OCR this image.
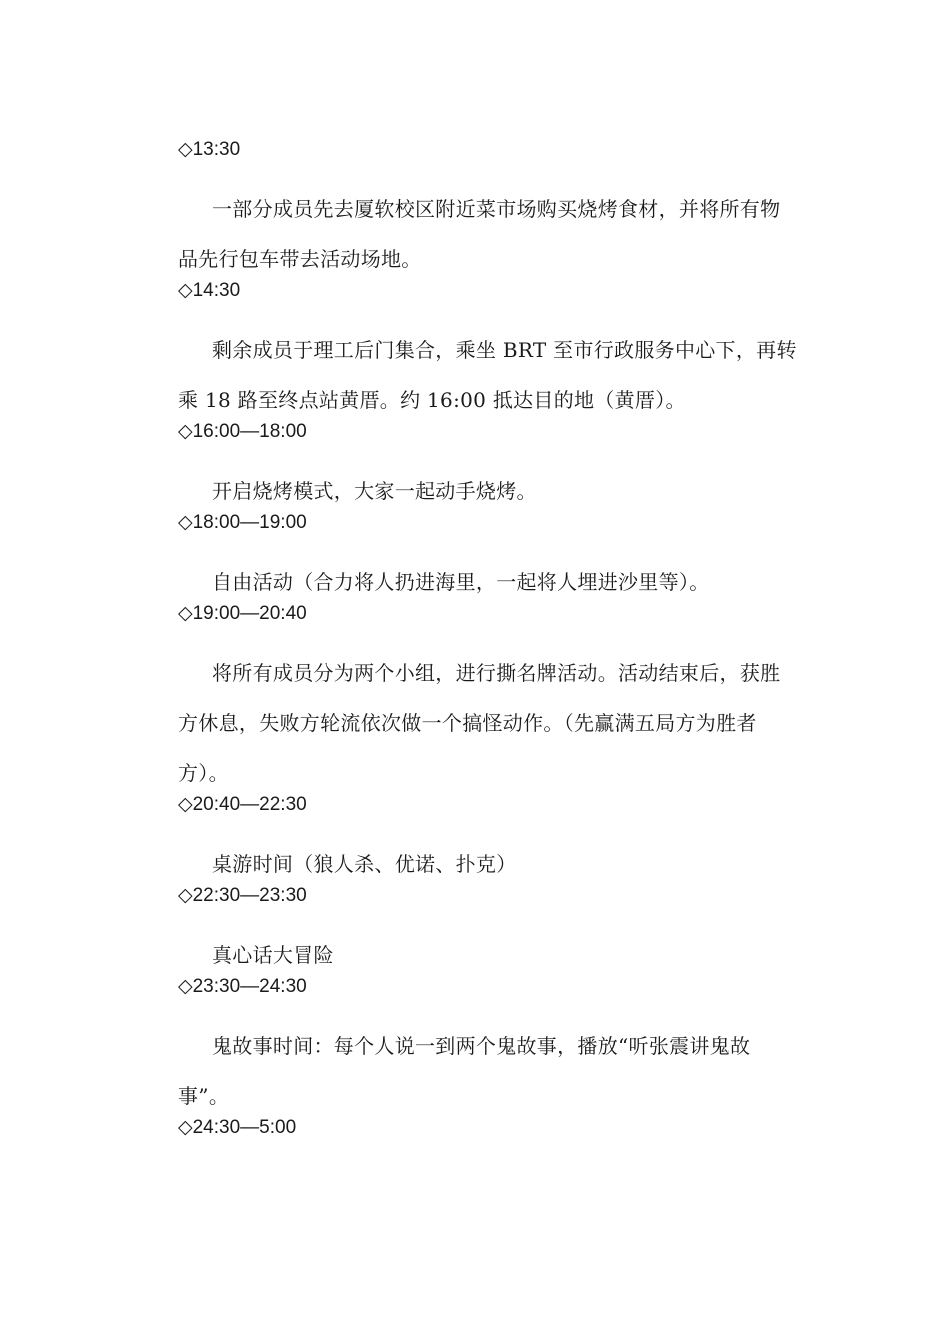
◇13:30

一部分成员先去厦软校区附近菜市场购买烧烤食材，并将所有物品先行包车带去活动场地。

◇14:30

剩余成员于理工后门集合，乘坐 BRT 至市行政服务中心下，再转乘 18 路至终点站黄厝。约 16:00 抵达目的地（黄厝）。

◇16:00—18:00

开启烧烤模式，大家一起动手烧烤。

◇18:00—19:00

自由活动（合力将人扔进海里，一起将人埋进沙里等）。

◇19:00—20:40

将所有成员分为两个小组，进行撕名牌活动。活动结束后，获胜方休息，失败方轮流依次做一个搞怪动作。（先赢满五局方为胜者方）。

◇20:40—22:30

桌游时间（狼人杀、优诺、扑克）

◇22:30—23:30

真心话大冒险

◇23:30—24:30

鬼故事时间：每个人说一到两个鬼故事，播放“听张震讲鬼故事”。

◇24:30—5:00
